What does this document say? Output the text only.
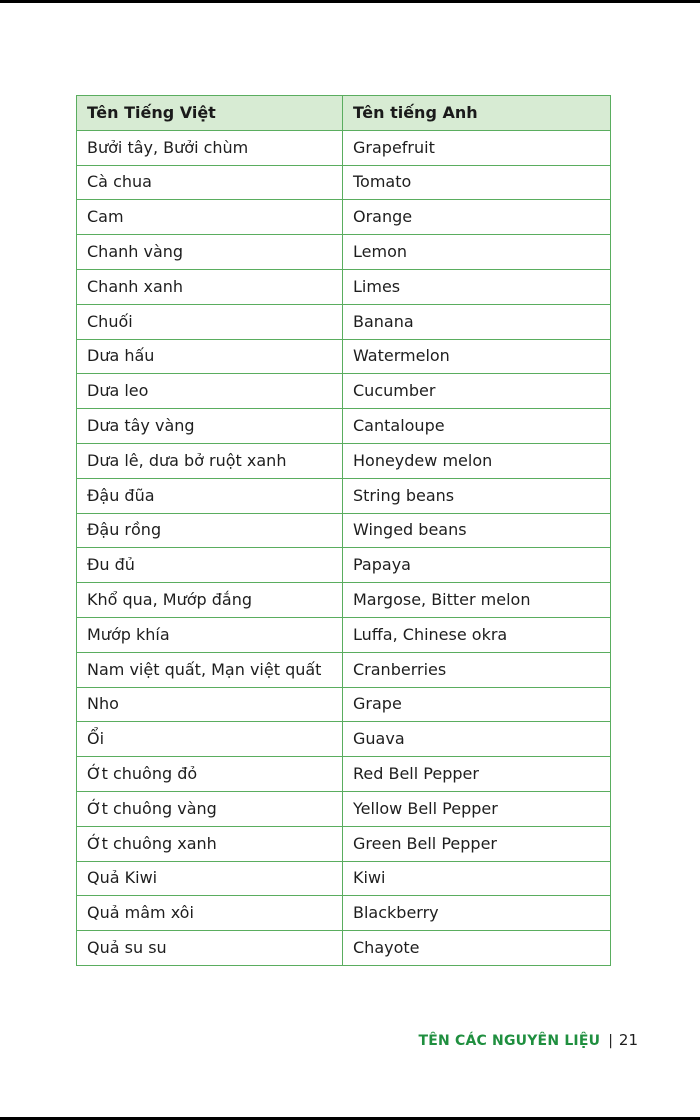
Tên Tiếng Việt	Tên tiếng Anh
Bưởi tây, Bưởi chùm	Grapefruit
Cà chua	Tomato
Cam	Orange
Chanh vàng	Lemon
Chanh xanh	Limes
Chuối	Banana
Dưa hấu	Watermelon
Dưa leo	Cucumber
Dưa tây vàng	Cantaloupe
Dưa lê, dưa bở ruột xanh	Honeydew melon
Đậu đũa	String beans
Đậu rồng	Winged beans
Đu đủ	Papaya
Khổ qua, Mướp đắng	Margose, Bitter melon
Mướp khía	Luffa, Chinese okra
Nam việt quất, Mạn việt quất	Cranberries
Nho	Grape
Ổi	Guava
Ớt chuông đỏ	Red Bell Pepper
Ớt chuông vàng	Yellow Bell Pepper
Ớt chuông xanh	Green Bell Pepper
Quả Kiwi	Kiwi
Quả mâm xôi	Blackberry
Quả su su	Chayote
TÊN CÁC NGUYÊN LIỆU | 21
